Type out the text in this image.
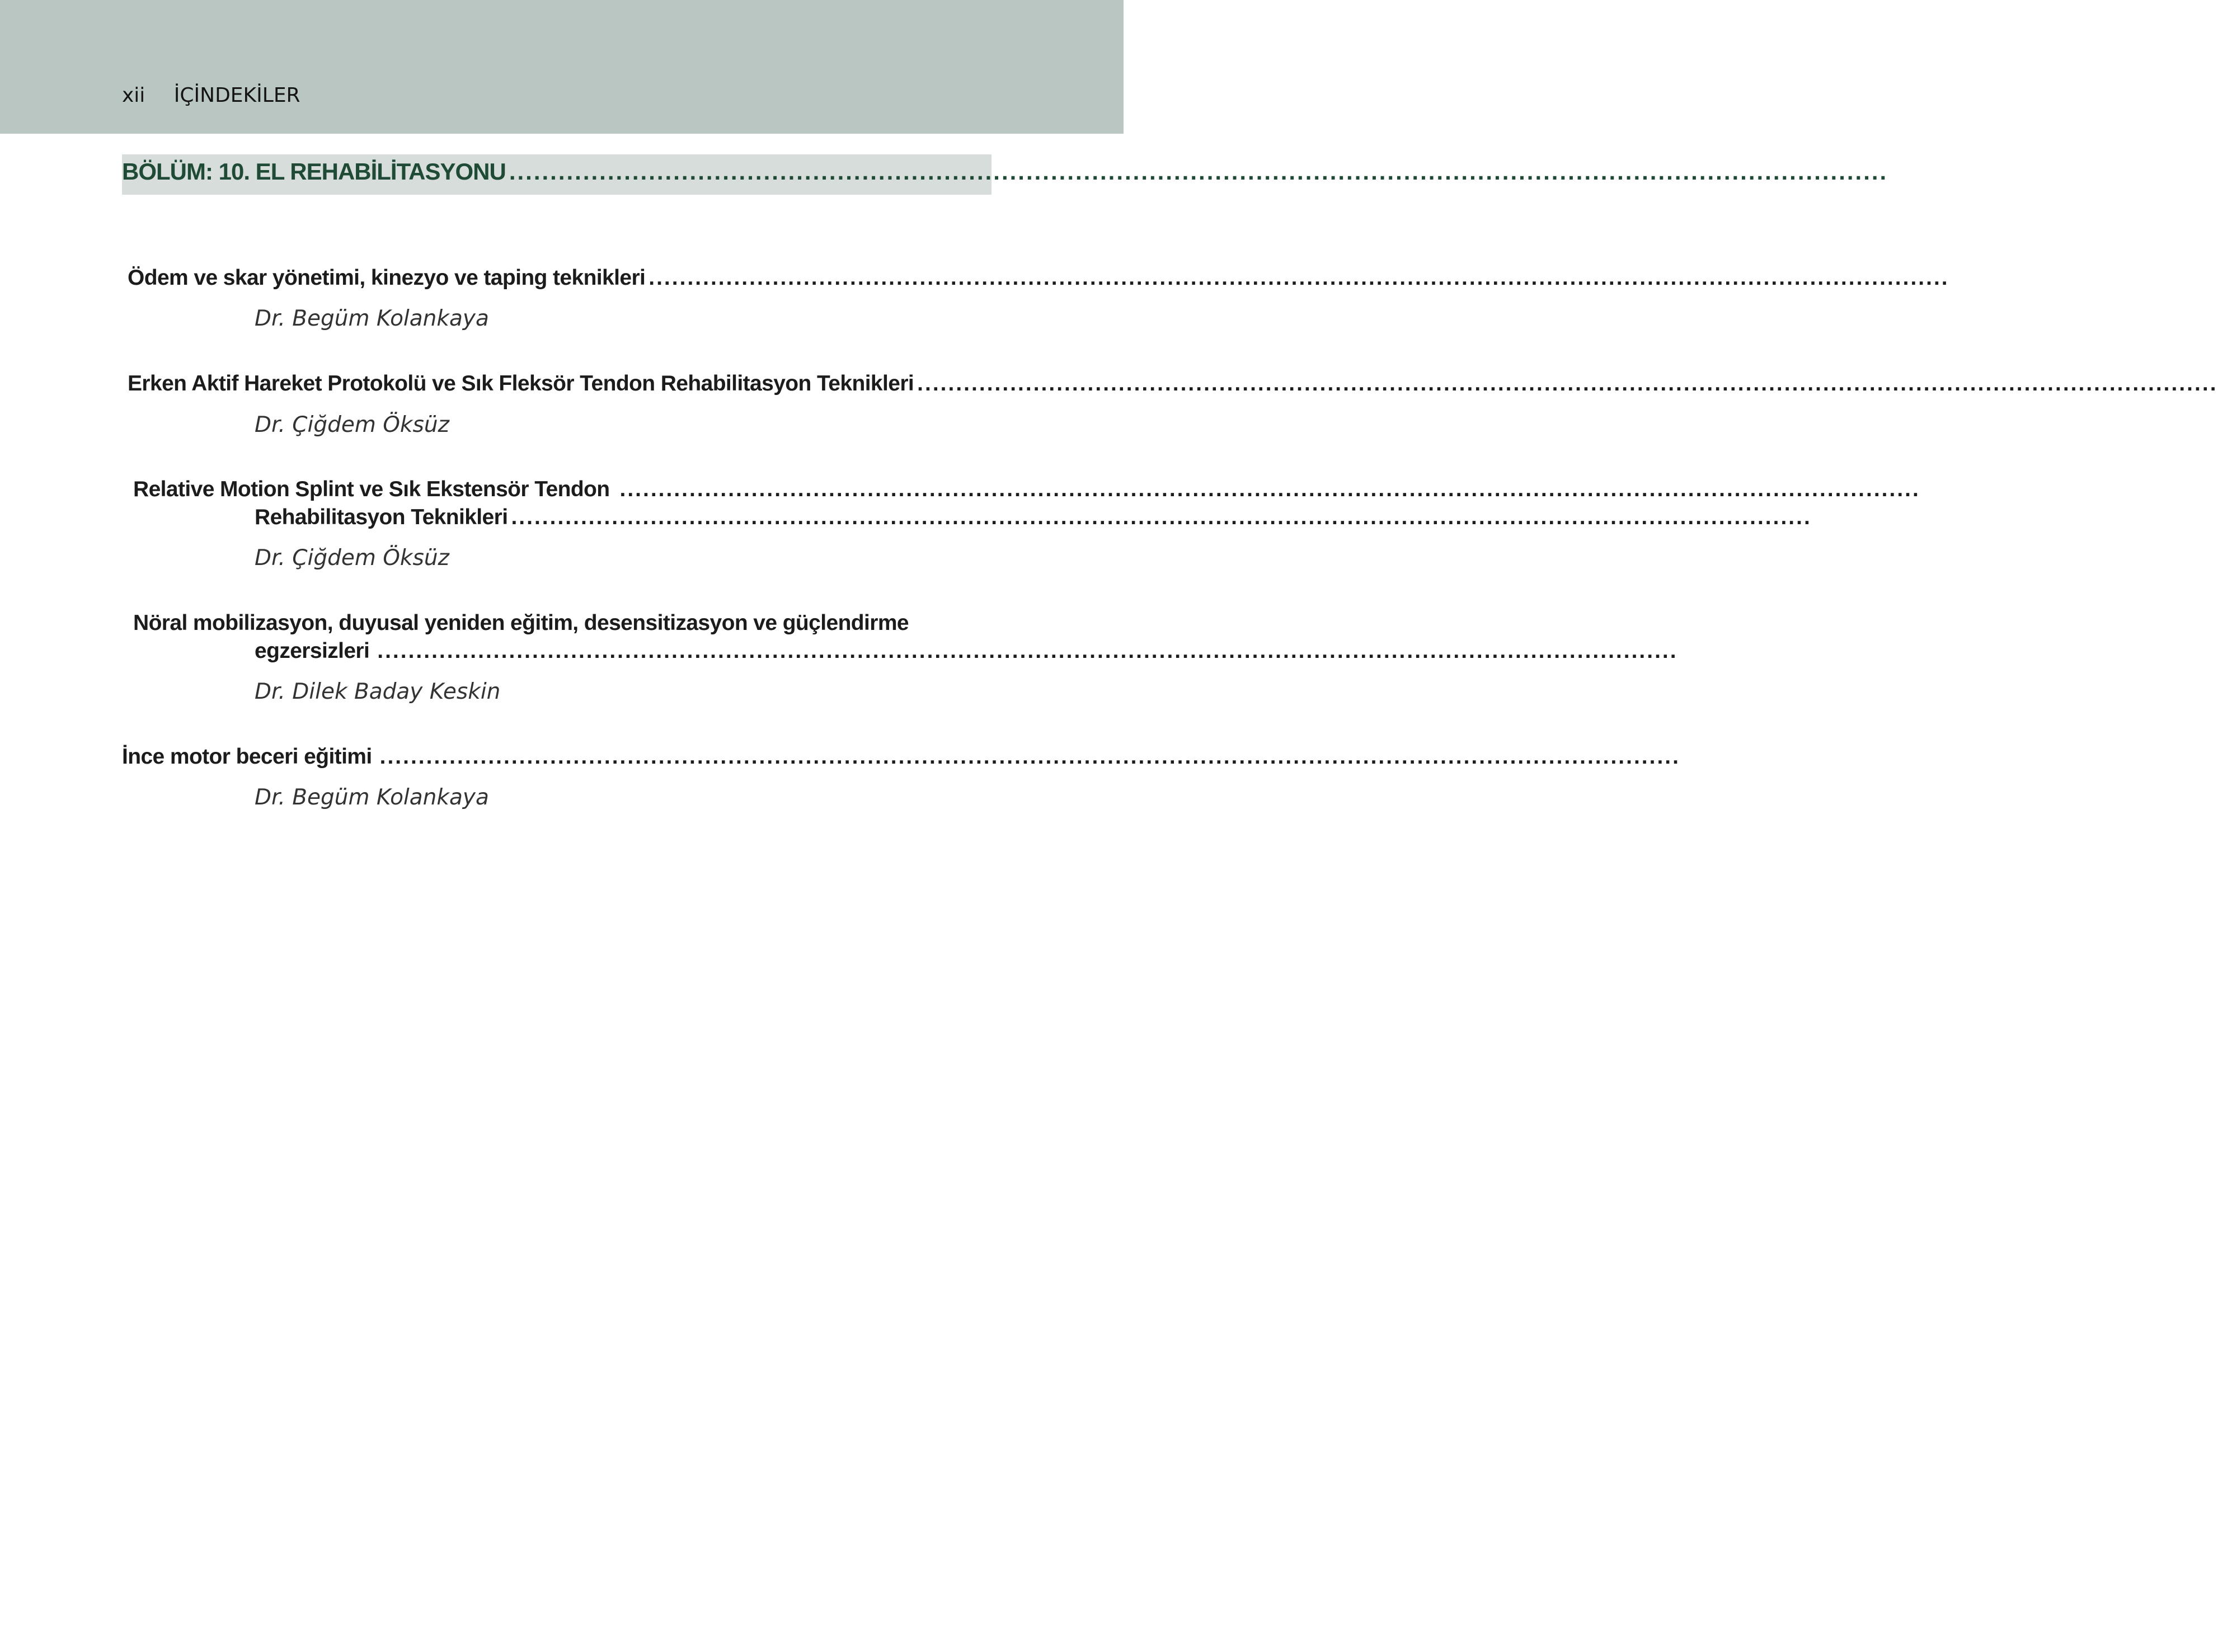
xii İÇİNDEKİLER
BÖLÜM: 10. EL REHABİLİTASYONU ........................................................................................................................................................................
Ödem ve skar yönetimi, kinezyo ve taping teknikleri ........................................................................................................................................................................
Dr. Begüm Kolankaya
Erken Aktif Hareket Protokolü ve Sık Fleksör Tendon Rehabilitasyon Teknikleri ........................................................................................................................................................................
Dr. Çiğdem Öksüz
Relative Motion Splint ve Sık Ekstensör Tendon ........................................................................................................................................................................
Rehabilitasyon Teknikleri ........................................................................................................................................................................
Dr. Çiğdem Öksüz
Nöral mobilizasyon, duyusal yeniden eğitim, desensitizasyon ve güçlendirme
egzersizleri ........................................................................................................................................................................
Dr. Dilek Baday Keskin
İnce motor beceri eğitimi ........................................................................................................................................................................
Dr. Begüm Kolankaya
